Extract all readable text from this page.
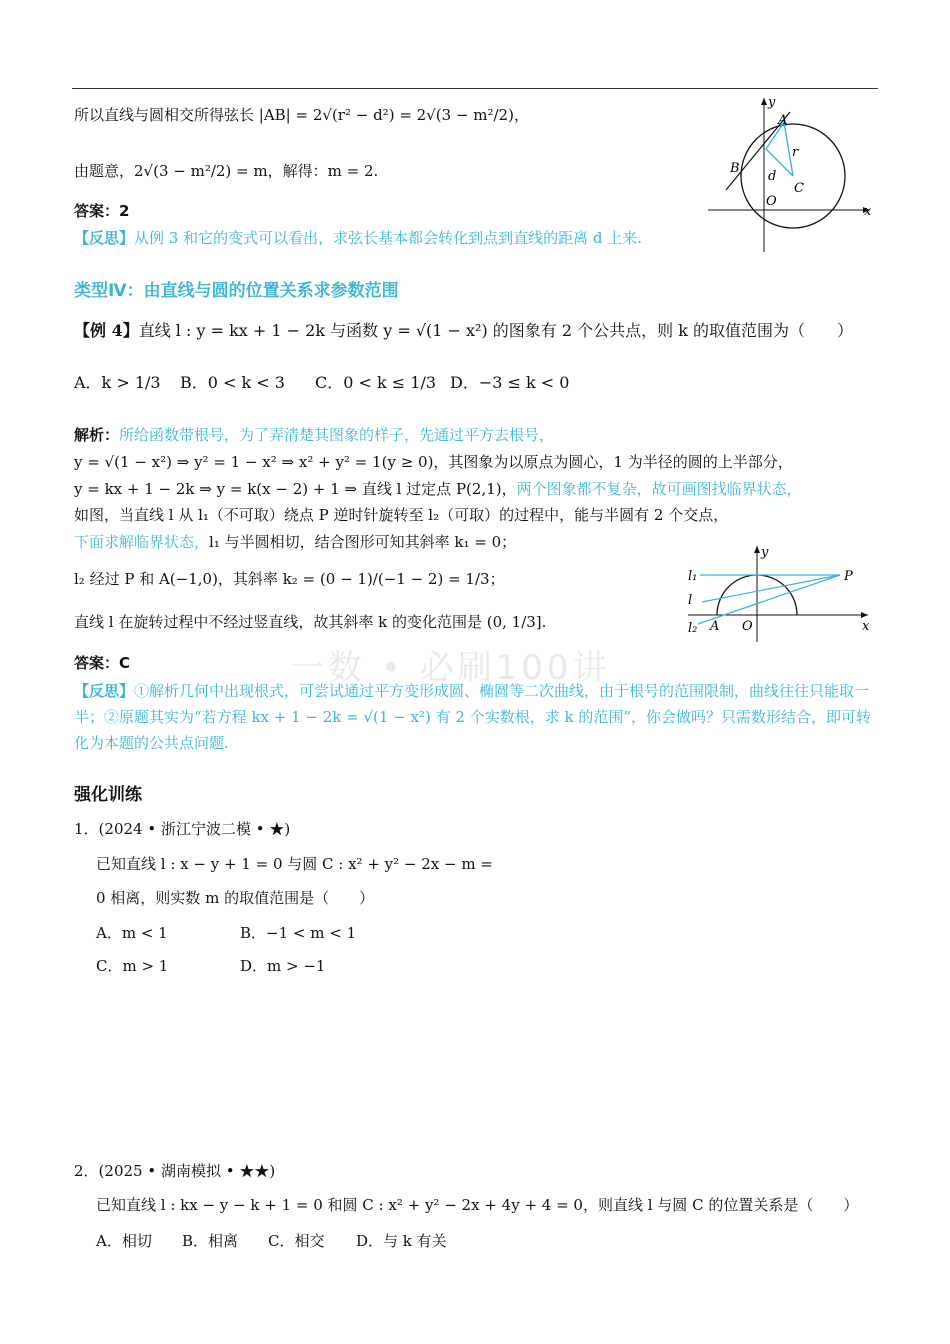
一数 • 必刷100讲
所以直线与圆相交所得弦长 |AB| = 2√(r² − d²) = 2√(3 − m²/2)，
由题意，2√(3 − m²/2) = m，解得：m = 2.
答案：2
【反思】从例 3 和它的变式可以看出，求弦长基本都会转化到点到直线的距离 d 上来.
y
x
A
B
r
d
C
O
类型Ⅳ：由直线与圆的位置关系求参数范围
【例 4】直线 l : y = kx + 1 − 2k 与函数 y = √(1 − x²) 的图象有 2 个公共点，则 k 的取值范围为（　　）
A．k > 1/3 B．0 < k < 3 C．0 < k ≤ 1/3 D．−3 ≤ k < 0
解析：所给函数带根号，为了弄清楚其图象的样子，先通过平方去根号，
y = √(1 − x²) ⇒ y² = 1 − x² ⇒ x² + y² = 1(y ≥ 0)，其图象为以原点为圆心，1 为半径的圆的上半部分，
y = kx + 1 − 2k ⇒ y = k(x − 2) + 1 ⇒ 直线 l 过定点 P(2,1)，两个图象都不复杂，故可画图找临界状态，
如图，当直线 l 从 l₁（不可取）绕点 P 逆时针旋转至 l₂（可取）的过程中，能与半圆有 2 个交点，
下面求解临界状态，l₁ 与半圆相切，结合图形可知其斜率 k₁ = 0；
l₂ 经过 P 和 A(−1,0)，其斜率 k₂ = (0 − 1)/(−1 − 2) = 1/3；
直线 l 在旋转过程中不经过竖直线，故其斜率 k 的变化范围是 (0, 1/3].
y
x
l₁
l
l₂ A O
P
答案：C
【反思】①解析几何中出现根式，可尝试通过平方变形成圆、椭圆等二次曲线，由于根号的范围限制，曲线往往只能取一半；②原题其实为“若方程 kx + 1 − 2k = √(1 − x²) 有 2 个实数根，求 k 的范围”，你会做吗？只需数形结合，即可转化为本题的公共点问题.
强化训练
1．(2024 • 浙江宁波二模 • ★)
已知直线 l : x − y + 1 = 0 与圆 C : x² + y² − 2x − m =
0 相离，则实数 m 的取值范围是（　　）
A．m < 1	B．−1 < m < 1
C．m > 1	D．m > −1
2．(2025 • 湖南模拟 • ★★)
已知直线 l : kx − y − k + 1 = 0 和圆 C : x² + y² − 2x + 4y + 4 = 0，则直线 l 与圆 C 的位置关系是（　　）
A．相切 B．相离 C．相交 D．与 k 有关
